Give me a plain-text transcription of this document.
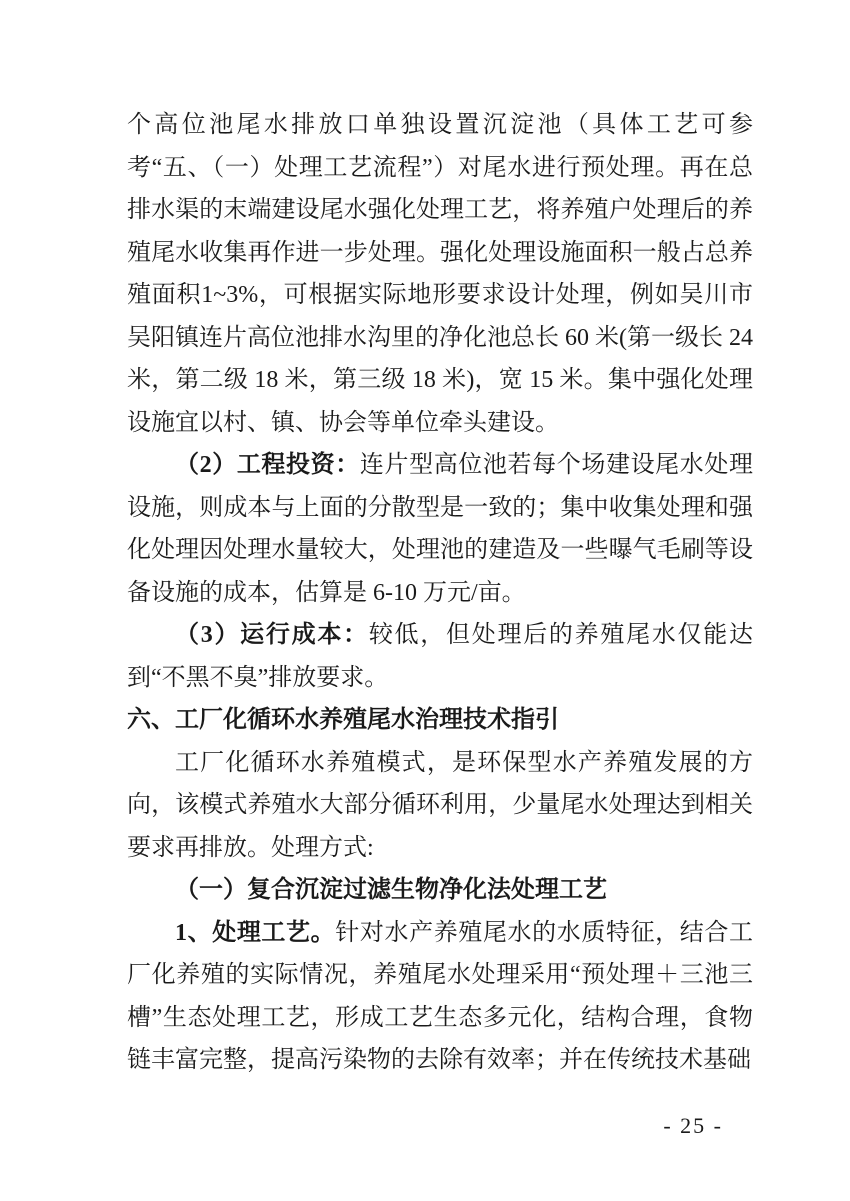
个高位池尾水排放口单独设置沉淀池（具体工艺可参考“五、（一）处理工艺流程”）对尾水进行预处理。再在总排水渠的末端建设尾水强化处理工艺，将养殖户处理后的养殖尾水收集再作进一步处理。强化处理设施面积一般占总养殖面积1~3%，可根据实际地形要求设计处理，例如吴川市吴阳镇连片高位池排水沟里的净化池总长 60 米(第一级长 24 米，第二级 18 米，第三级 18 米)，宽 15 米。集中强化处理设施宜以村、镇、协会等单位牵头建设。

（2）工程投资：连片型高位池若每个场建设尾水处理设施，则成本与上面的分散型是一致的；集中收集处理和强化处理因处理水量较大，处理池的建造及一些曝气毛刷等设备设施的成本，估算是 6-10 万元/亩。

（3）运行成本：较低，但处理后的养殖尾水仅能达到“不黑不臭”排放要求。

六、工厂化循环水养殖尾水治理技术指引

工厂化循环水养殖模式，是环保型水产养殖发展的方向，该模式养殖水大部分循环利用，少量尾水处理达到相关要求再排放。处理方式:

（一）复合沉淀过滤生物净化法处理工艺

1、处理工艺。针对水产养殖尾水的水质特征，结合工厂化养殖的实际情况，养殖尾水处理采用“预处理＋三池三槽”生态处理工艺，形成工艺生态多元化，结构合理，食物链丰富完整，提高污染物的去除有效率；并在传统技术基础

- 25 -
